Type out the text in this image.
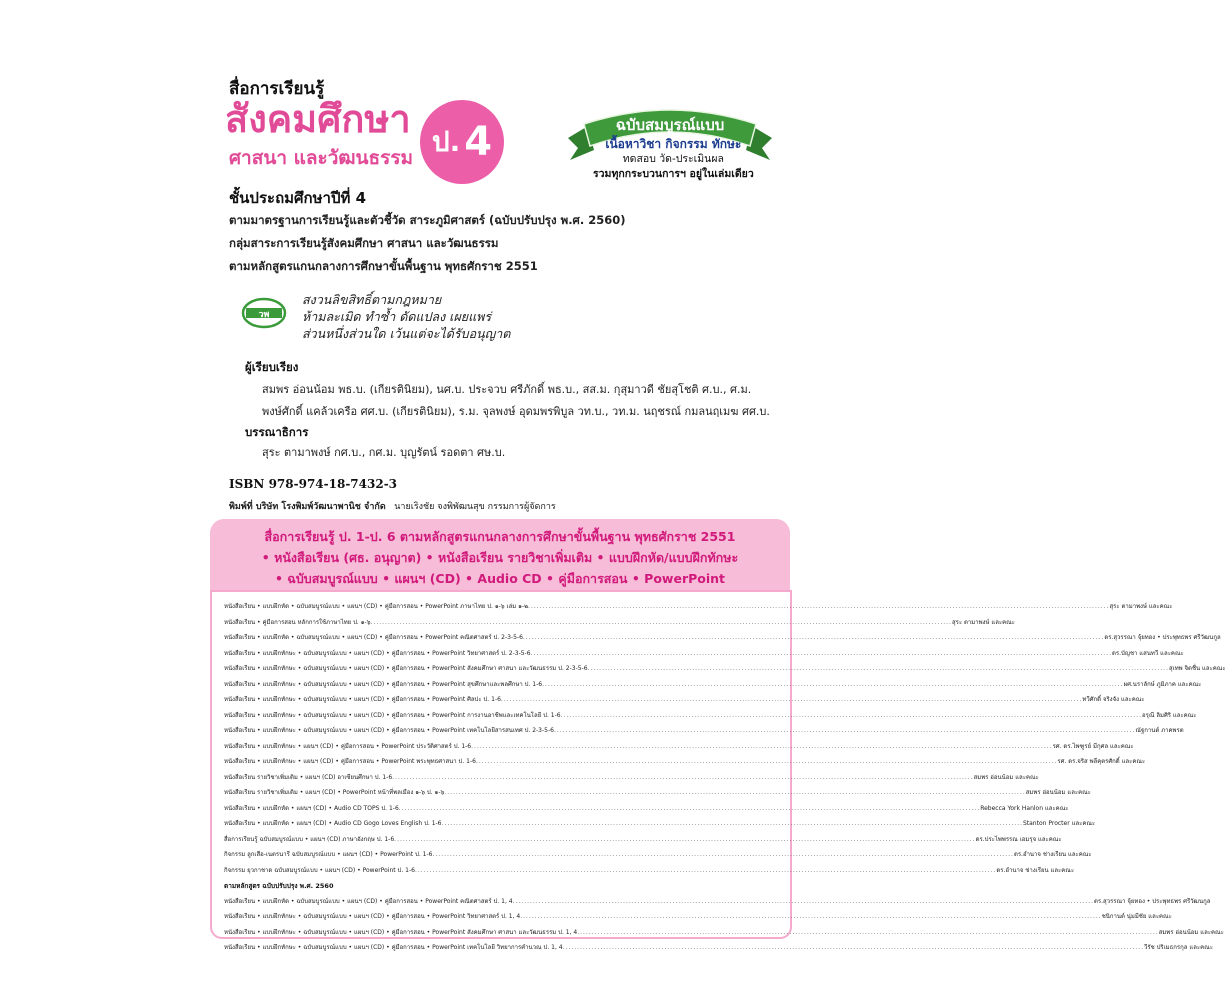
สื่อการเรียนรู้
สังคมศึกษา
ศาสนา และวัฒนธรรม ป. 4	ฉบับสมบูรณ์แบบ
เนื้อหาวิชา กิจกรรม ทักษะ
ทดสอบ วัด-ประเมินผล
รวมทุกกระบวนการฯ อยู่ในเล่มเดียว
ชั้นประถมศึกษาปีที่ 4
ตามมาตรฐานการเรียนรู้และตัวชี้วัด สาระภูมิศาสตร์ (ฉบับปรับปรุง พ.ศ. 2560)
กลุ่มสาระการเรียนรู้สังคมศึกษา ศาสนา และวัฒนธรรม
ตามหลักสูตรแกนกลางการศึกษาขั้นพื้นฐาน พุทธศักราช 2551
วพ
สงวนลิขสิทธิ์ตามกฎหมาย
ห้ามละเมิด ทำซ้ำ ดัดแปลง เผยแพร่
ส่วนหนึ่งส่วนใด เว้นแต่จะได้รับอนุญาต
ผู้เรียบเรียง
สมพร อ่อนน้อม พธ.บ. (เกียรตินิยม), นศ.บ. ประจวบ ศรีภักดิ์ พธ.บ., สส.ม. กุสุมาวดี ชัยสุโชติ ศ.บ., ศ.ม.
พงษ์ศักดิ์ แคล้วเครือ ศศ.บ. (เกียรตินิยม), ร.ม. จุลพงษ์ อุดมพรพิบูล วท.บ., วท.ม. นฤชรณ์ กมลนฤเมฆ ศศ.บ.
บรรณาธิการ
สุระ ตามาพงษ์ กศ.บ., กศ.ม. บุญรัตน์ รอดตา ศษ.บ.
ISBN 978-974-18-7432-3
พิมพ์ที่ บริษัท โรงพิมพ์วัฒนาพานิช จำกัด นายเริงชัย จงพิพัฒนสุข กรรมการผู้จัดการ
สื่อการเรียนรู้ ป. 1-ป. 6 ตามหลักสูตรแกนกลางการศึกษาขั้นพื้นฐาน พุทธศักราช 2551
• หนังสือเรียน (ศธ. อนุญาต) • หนังสือเรียน รายวิชาเพิ่มเติม • แบบฝึกหัด/แบบฝึกทักษะ
• ฉบับสมบูรณ์แบบ • แผนฯ (CD) • Audio CD • คู่มือการสอน • PowerPoint
หนังสือเรียน • แบบฝึกหัด • ฉบับสมบูรณ์แบบ • แผนฯ (CD) • คู่มือการสอน • PowerPoint ภาษาไทย ป. ๑-๖ เล่ม ๑-๒ ........................................................................................................................................................................................................ สุระ ตามาพงษ์ และคณะ
หนังสือเรียน • คู่มือการสอน หลักการใช้ภาษาไทย ป. ๑-๖ ........................................................................................................................................................................................................ สุระ ตามาพงษ์ และคณะ
หนังสือเรียน • แบบฝึกหัด • ฉบับสมบูรณ์แบบ • แผนฯ (CD) • คู่มือการสอน • PowerPoint คณิตศาสตร์ ป. 2-3-5-6 ........................................................................................................................................................................................................ ดร.สุวรรณา จุ้ยทอง • ประพุทธพร ศรีวัฒนกูล
หนังสือเรียน • แบบฝึกทักษะ • ฉบับสมบูรณ์แบบ • แผนฯ (CD) • คู่มือการสอน • PowerPoint วิทยาศาสตร์ ป. 2-3-5-6 ........................................................................................................................................................................................................ ดร.บัญชา แสนทวี และคณะ
หนังสือเรียน • แบบฝึกทักษะ • ฉบับสมบูรณ์แบบ • แผนฯ (CD) • คู่มือการสอน • PowerPoint สังคมศึกษา ศาสนา และวัฒนธรรม ป. 2-3-5-6 ........................................................................................................................................................................................................ สุเทพ จิตชื่น และคณะ
หนังสือเรียน • แบบฝึกทักษะ • ฉบับสมบูรณ์แบบ • แผนฯ (CD) • คู่มือการสอน • PowerPoint สุขศึกษาและพลศึกษา ป. 1-6 ........................................................................................................................................................................................................ ผศ.นราลักษ์ ภูมิภาค และคณะ
หนังสือเรียน • แบบฝึกทักษะ • ฉบับสมบูรณ์แบบ • แผนฯ (CD) • คู่มือการสอน • PowerPoint ศิลปะ ป. 1-6 ........................................................................................................................................................................................................ ทวีศักดิ์ จริงจัง และคณะ
หนังสือเรียน • แบบฝึกทักษะ • ฉบับสมบูรณ์แบบ • แผนฯ (CD) • คู่มือการสอน • PowerPoint การงานอาชีพและเทคโนโลยี ป. 1-6 ........................................................................................................................................................................................................ อรุณี ลิมศิริ และคณะ
หนังสือเรียน • แบบฝึกทักษะ • ฉบับสมบูรณ์แบบ • แผนฯ (CD) • คู่มือการสอน • PowerPoint เทคโนโลยีสารสนเทศ ป. 2-3-5-6 ........................................................................................................................................................................................................ ณัฐกานต์ ภาคพรต
หนังสือเรียน • แบบฝึกทักษะ • แผนฯ (CD) • คู่มือการสอน • PowerPoint ประวัติศาสตร์ ป. 1-6 ........................................................................................................................................................................................................ รศ. ดร.ไพฑูรย์ มีกุศล และคณะ
หนังสือเรียน • แบบฝึกทักษะ • แผนฯ (CD) • คู่มือการสอน • PowerPoint พระพุทธศาสนา ป. 1-6 ........................................................................................................................................................................................................ รศ. ดร.จริส พลีคุตรศักดิ์ และคณะ
หนังสือเรียน รายวิชาเพิ่มเติม • แผนฯ (CD) อาเซียนศึกษา ป. 1-6 ........................................................................................................................................................................................................ สมพร อ่อนน้อม และคณะ
หนังสือเรียน รายวิชาเพิ่มเติม • แผนฯ (CD) • PowerPoint หน้าที่พลเมือง ๑-๖ ป. ๑-๖ ........................................................................................................................................................................................................ สมพร อ่อนน้อม และคณะ
หนังสือเรียน • แบบฝึกหัด • แผนฯ (CD) • Audio CD TOPS ป. 1-6 ........................................................................................................................................................................................................ Rebecca York Hanlon และคณะ
หนังสือเรียน • แบบฝึกหัด • แผนฯ (CD) • Audio CD Gogo Loves English ป. 1-6 ........................................................................................................................................................................................................ Stanton Procter และคณะ
สื่อการเรียนรู้ ฉบับสมบูรณ์แบบ • แผนฯ (CD) ภาษาอังกฤษ ป. 1-6 ........................................................................................................................................................................................................ ดร.ประไพพรรณ เอมรุจ และคณะ
กิจกรรม ลูกเสือ-เนตรนารี ฉบับสมบูรณ์แบบ • แผนฯ (CD) • PowerPoint ป. 1-6 ........................................................................................................................................................................................................ ดร.อำนาจ ช่างเรียน และคณะ
กิจกรรม ยุวกาชาด ฉบับสมบูรณ์แบบ • แผนฯ (CD) • PowerPoint ป. 1-6 ........................................................................................................................................................................................................ ดร.อำนาจ ช่างเรียน และคณะ
ตามหลักสูตร ฉบับปรับปรุง พ.ศ. 2560
หนังสือเรียน • แบบฝึกหัด • ฉบับสมบูรณ์แบบ • แผนฯ (CD) • คู่มือการสอน • PowerPoint คณิตศาสตร์ ป. 1, 4 ........................................................................................................................................................................................................ ดร.สุวรรณา จุ้ยทอง • ประพุทธพร ศรีวัฒนกูล
หนังสือเรียน • แบบฝึกทักษะ • ฉบับสมบูรณ์แบบ • แผนฯ (CD) • คู่มือการสอน • PowerPoint วิทยาศาสตร์ ป. 1, 4 ........................................................................................................................................................................................................ ชนิกานต์ นุ่มมีชัย และคณะ
หนังสือเรียน • แบบฝึกทักษะ • ฉบับสมบูรณ์แบบ • แผนฯ (CD) • คู่มือการสอน • PowerPoint สังคมศึกษา ศาสนา และวัฒนธรรม ป. 1, 4 ........................................................................................................................................................................................................ สมพร อ่อนน้อม และคณะ
หนังสือเรียน • แบบฝึกทักษะ • ฉบับสมบูรณ์แบบ • แผนฯ (CD) • คู่มือการสอน • PowerPoint เทคโนโลยี วิทยาการคำนวณ ป. 1, 4 ........................................................................................................................................................................................................ วีรัช ปริเมธกรกุล และคณะ
